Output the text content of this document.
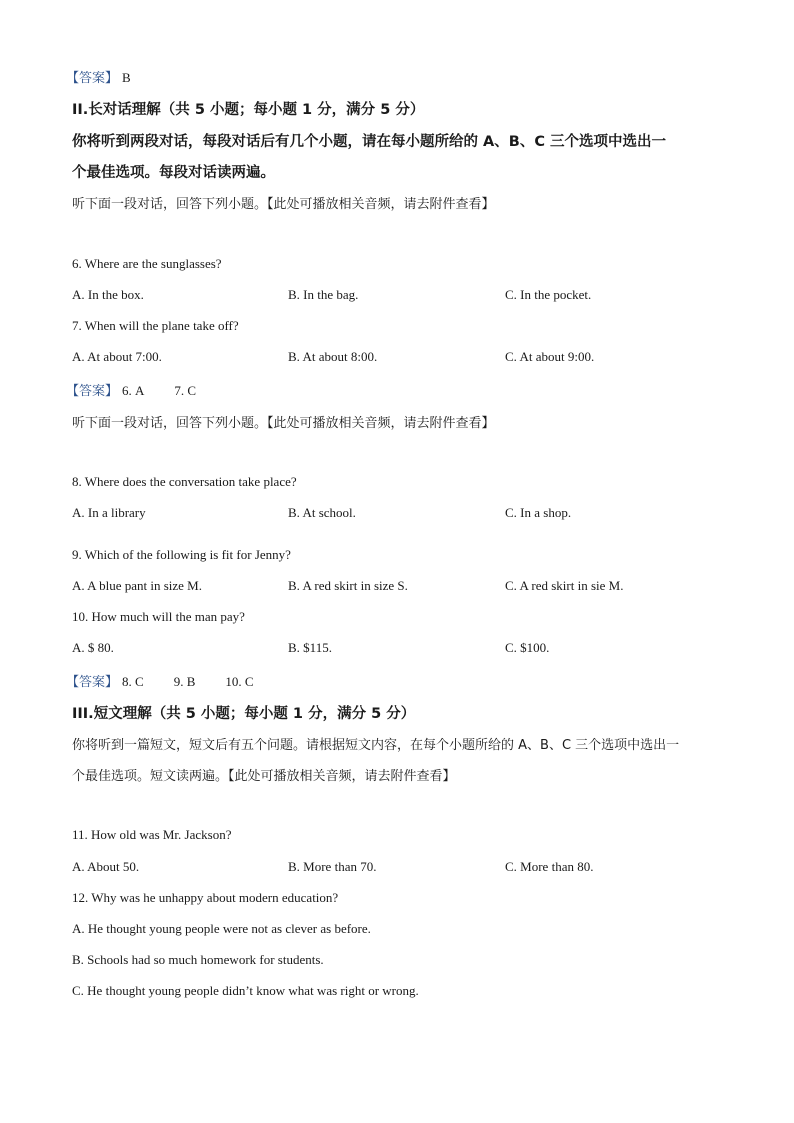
【答案】 B
II.长对话理解（共 5 小题；每小题 1 分，满分 5 分）
你将听到两段对话，每段对话后有几个小题，请在每小题所给的 A、B、C 三个选项中选出一
个最佳选项。每段对话读两遍。
听下面一段对话，回答下列小题。【此处可播放相关音频，请去附件查看】
6. Where are the sunglasses?
A. In the box.	B. In the bag.	C. In the pocket.
7. When will the plane take off?
A. At about 7:00.	B. At about 8:00.	C. At about 9:00.
【答案】 6. A 7. C
听下面一段对话，回答下列小题。【此处可播放相关音频，请去附件查看】
8. Where does the conversation take place?
A. In a library	B. At school.	C. In a shop.
9. Which of the following is fit for Jenny?
A. A blue pant in size M.	B. A red skirt in size S.	C. A red skirt in sie M.
10. How much will the man pay?
A. $ 80.	B. $115.	C. $100.
【答案】 8. C 9. B 10. C
III.短文理解（共 5 小题；每小题 1 分，满分 5 分）
你将听到一篇短文，短文后有五个问题。请根据短文内容，在每个小题所给的 A、B、C 三个选项中选出一
个最佳选项。短文读两遍。【此处可播放相关音频，请去附件查看】
11. How old was Mr. Jackson?
A. About 50.	B. More than 70.	C. More than 80.
12. Why was he unhappy about modern education?
A. He thought young people were not as clever as before.
B. Schools had so much homework for students.
C. He thought young people didn’t know what was right or wrong.
